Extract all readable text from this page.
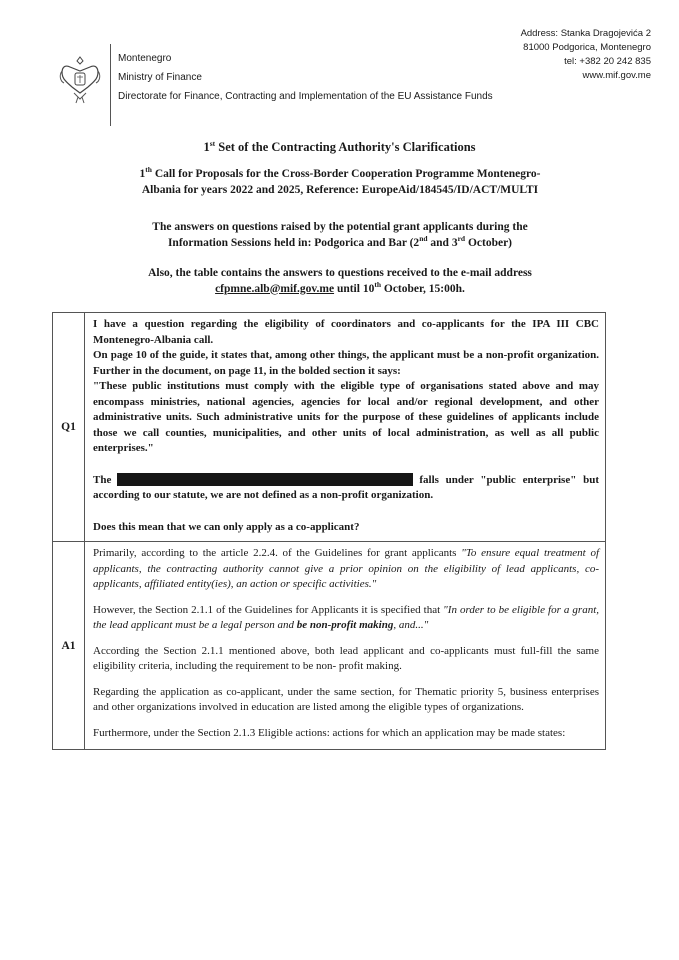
Address: Stanka Dragojevića 2
81000 Podgorica, Montenegro
tel: +382 20 242 835
www.mif.gov.me
Montenegro
Ministry of Finance
Directorate for Finance, Contracting and Implementation of the EU Assistance Funds
1st Set of the Contracting Authority's Clarifications
1th Call for Proposals for the Cross-Border Cooperation Programme Montenegro-
Albania for years 2022 and 2025, Reference: EuropeAid/184545/ID/ACT/MULTI
The answers on questions raised by the potential grant applicants during the
Information Sessions held in: Podgorica and Bar (2nd and 3rd October)
Also, the table contains the answers to questions received to the e-mail address
cfpmne.alb@mif.gov.me until 10th October, 15:00h.
Q1

I have a question regarding the eligibility of coordinators and co-applicants for the IPA III CBC Montenegro-Albania call.

On page 10 of the guide, it states that, among other things, the applicant must be a non-profit organization. Further in the document, on page 11, in the bolded section it says:

"These public institutions must comply with the eligible type of organisations stated above and may encompass ministries, national agencies, agencies for local and/or regional development, and other administrative units. Such administrative units for the purpose of these guidelines of applicants include those we call counties, municipalities, and other units of local administration, as well as all public enterprises."

The	falls under "public enterprise" but according to our statute, we are not defined as a non-profit organization.

Does this mean that we can only apply as a co-applicant?

A1

Primarily, according to the article 2.2.4. of the Guidelines for grant applicants "To ensure equal treatment of applicants, the contracting authority cannot give a prior opinion on the eligibility of lead applicants, co-applicants, affiliated entity(ies), an action or specific activities."

However, the Section 2.1.1 of the Guidelines for Applicants it is specified that "In order to be eligible for a grant, the lead applicant must be a legal person and be non-profit making, and..."

According the Section 2.1.1 mentioned above, both lead applicant and co-applicants must full-fill the same eligibility criteria, including the requirement to be non- profit making.

Regarding the application as co-applicant, under the same section, for Thematic priority 5, business enterprises and other organizations involved in education are listed among the eligible types of organizations.

Furthermore, under the Section 2.1.3 Eligible actions: actions for which an application may be made states:
